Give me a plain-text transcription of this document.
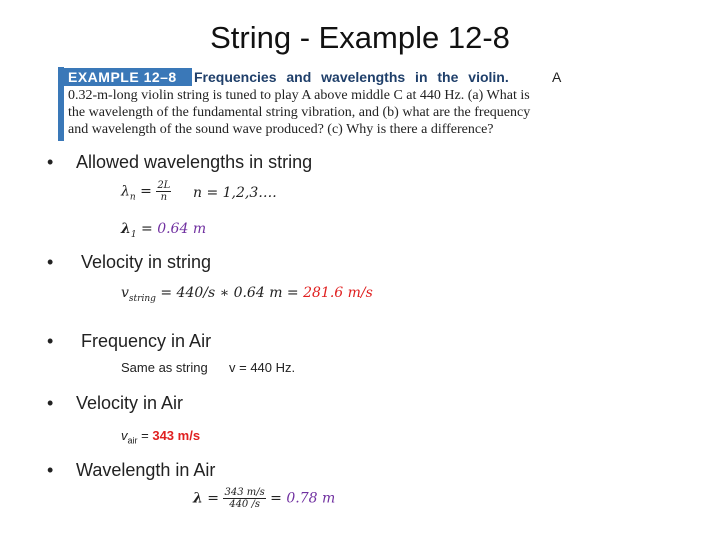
String - Example 12-8
EXAMPLE 12–8	Frequencies and wavelengths in the violin.	A
0.32-m-long violin string is tuned to play A above middle C at 440 Hz. (a) What is
the wavelength of the fundamental string vibration, and (b) what are the frequency
and wavelength of the sound wave produced? (c) Why is there a difference?
• Allowed wavelengths in string
$\lambda_n = \frac{2L}{n}$ n = 1,2,3….
$\lambda_1 = 0.64$ m
• Velocity in string
$v_{string} = 440/s$ ∗ 0.64 m = 281.6 m/s
• Frequency in Air
Same as string v = 440 Hz.
• Velocity in Air
$v_{air} = 343$ m/s
• Wavelength in Air
$\lambda = \frac{343 m/s}{440 /s} = 0.78$ m
